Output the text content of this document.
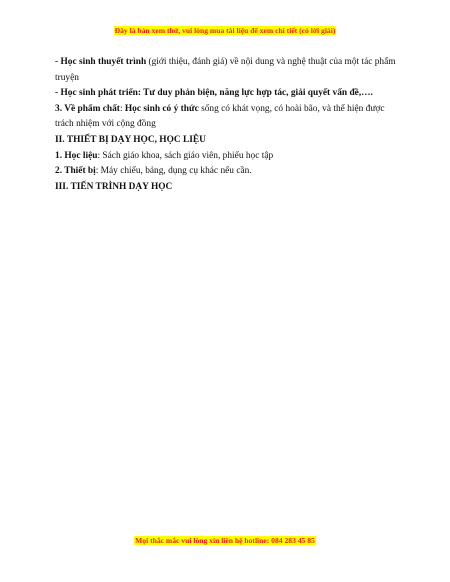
Đây là bản xem thử, vui lòng mua tài liệu để xem chi tiết (có lời giải)

- Học sinh thuyết trình (giới thiệu, đánh giá) về nội dung và nghệ thuật của một tác phẩm truyện

- Học sinh phát triển: Tư duy phản biện, năng lực hợp tác, giải quyết vấn đề,….

3. Về phẩm chất: Học sinh có ý thức sống có khát vọng, có hoài bão, và thể hiện được trách nhiệm với cộng đồng

II. THIẾT BỊ DẠY HỌC, HỌC LIỆU

1. Học liệu: Sách giáo khoa, sách giáo viên, phiếu học tập

2. Thiết bị: Máy chiếu, bảng, dụng cụ khác nếu cần.

III. TIẾN TRÌNH DẠY HỌC

Mọi thắc mắc vui lòng xin liên hệ hotline: 084 283 45 85
